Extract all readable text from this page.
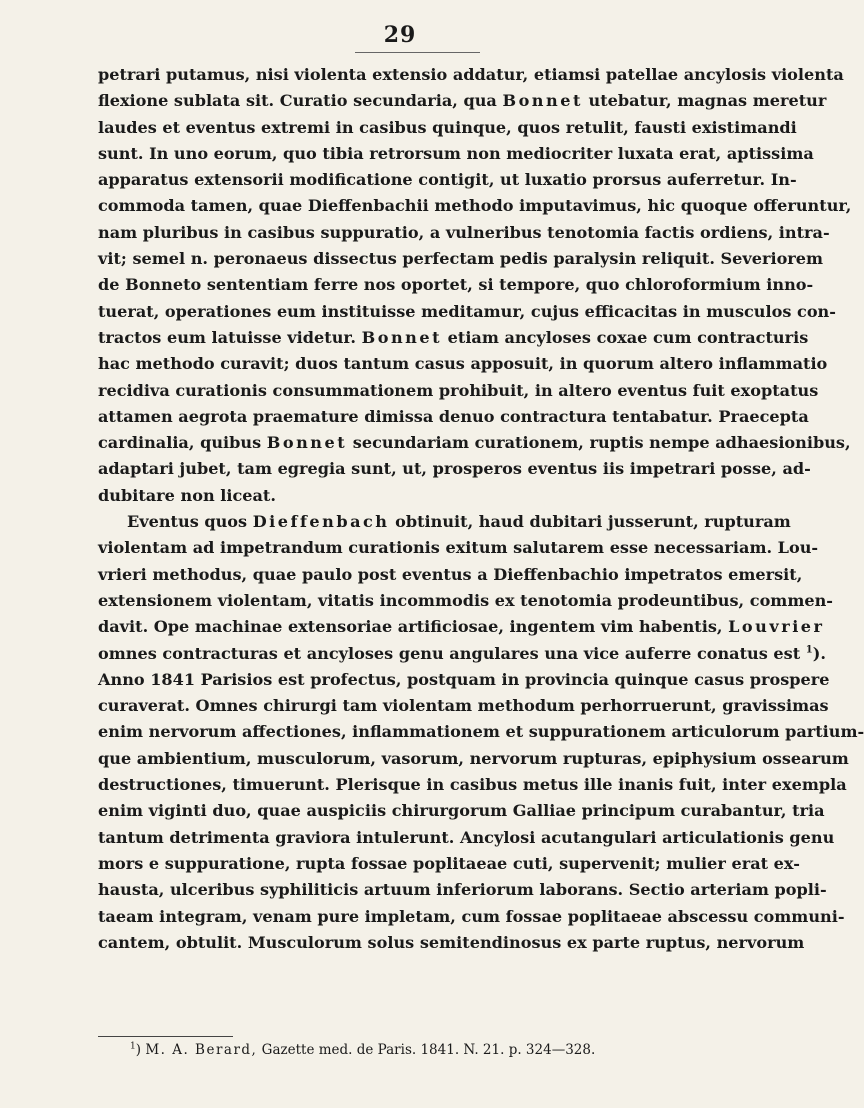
29
petrari putamus, nisi violenta extensio addatur, etiamsi patellae ancylosis violenta
flexione sublata sit. Curatio secundaria, qua Bonnet utebatur, magnas meretur
laudes et eventus extremi in casibus quinque, quos retulit, fausti existimandi
sunt. In uno eorum, quo tibia retrorsum non mediocriter luxata erat, aptissima
apparatus extensorii modificatione contigit, ut luxatio prorsus auferretur. In-
commoda tamen, quae Dieffenbachii methodo imputavimus, hic quoque offeruntur,
nam pluribus in casibus suppuratio, a vulneribus tenotomia factis ordiens, intra-
vit; semel n. peronaeus dissectus perfectam pedis paralysin reliquit. Severiorem
de Bonneto sententiam ferre nos oportet, si tempore, quo chloroformium inno-
tuerat, operationes eum instituisse meditamur, cujus efficacitas in musculos con-
tractos eum latuisse videtur. Bonnet etiam ancyloses coxae cum contracturis
hac methodo curavit; duos tantum casus apposuit, in quorum altero inflammatio
recidiva curationis consummationem prohibuit, in altero eventus fuit exoptatus
attamen aegrota praemature dimissa denuo contractura tentabatur. Praecepta
cardinalia, quibus Bonnet secundariam curationem, ruptis nempe adhaesionibus,
adaptari jubet, tam egregia sunt, ut, prosperos eventus iis impetrari posse, ad-
dubitare non liceat.
Eventus quos Dieffenbach obtinuit, haud dubitari jusserunt, rupturam
violentam ad impetrandum curationis exitum salutarem esse necessariam. Lou-
vrieri methodus, quae paulo post eventus a Dieffenbachio impetratos emersit,
extensionem violentam, vitatis incommodis ex tenotomia prodeuntibus, commen-
davit. Ope machinae extensoriae artificiosae, ingentem vim habentis, Louvrier
omnes contracturas et ancyloses genu angulares una vice auferre conatus est $^1$).
Anno 1841 Parisios est profectus, postquam in provincia quinque casus prospere
curaverat. Omnes chirurgi tam violentam methodum perhorruerunt, gravissimas
enim nervorum affectiones, inflammationem et suppurationem articulorum partium-
que ambientium, musculorum, vasorum, nervorum rupturas, epiphysium ossearum
destructiones, timuerunt. Plerisque in casibus metus ille inanis fuit, inter exempla
enim viginti duo, quae auspiciis chirurgorum Galliae principum curabantur, tria
tantum detrimenta graviora intulerunt. Ancylosi acutangulari articulationis genu
mors e suppuratione, rupta fossae poplitaeae cuti, supervenit; mulier erat ex-
hausta, ulceribus syphiliticis artuum inferiorum laborans. Sectio arteriam popli-
taeam integram, venam pure impletam, cum fossae poplitaeae abscessu communi-
cantem, obtulit. Musculorum solus semitendinosus ex parte ruptus, nervorum
$^1$) M. A. Berard, Gazette med. de Paris. 1841. N. 21. p. 324—328.
